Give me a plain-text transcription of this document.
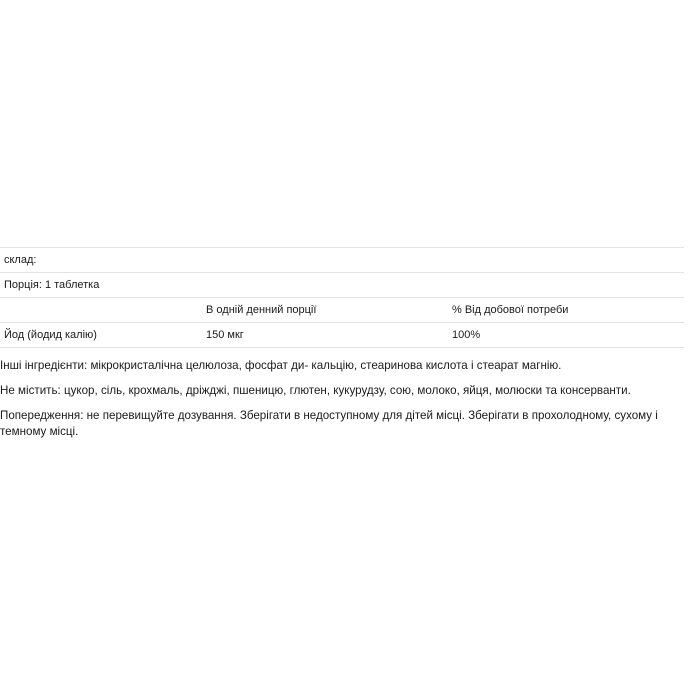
склад:		
Порція: 1 таблетка		
	В одній денний порції	% Від добової потреби
Йод (йодид калію)	150 мкг	100%

Інші інгредієнти: мікрокристалічна целюлоза, фосфат ди- кальцію, стеаринова кислота і стеарат магнію.

Не містить: цукор, сіль, крохмаль, дріжджі, пшеницю, глютен, кукурудзу, сою, молоко, яйця, молюски та консерванти.

Попередження: не перевищуйте дозування. Зберігати в недоступному для дітей місці. Зберігати в прохолодному, сухому і темному місці.
